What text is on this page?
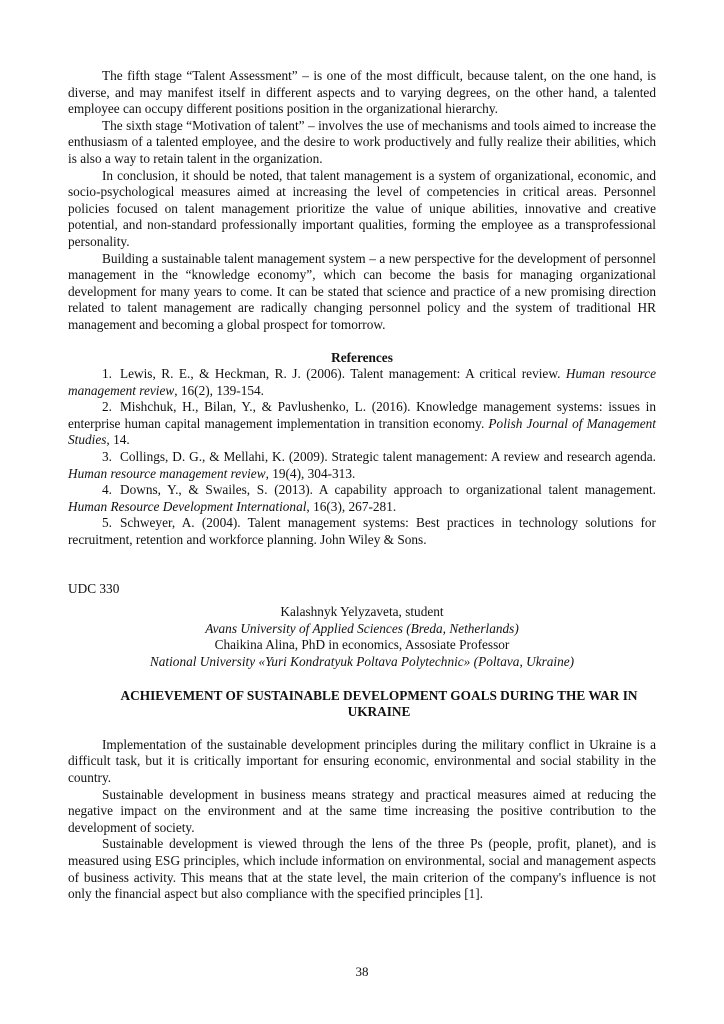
The fifth stage “Talent Assessment” – is one of the most difficult, because talent, on the one hand, is diverse, and may manifest itself in different aspects and to varying degrees, on the other hand, a talented employee can occupy different positions position in the organizational hierarchy.

The sixth stage “Motivation of talent” – involves the use of mechanisms and tools aimed to increase the enthusiasm of a talented employee, and the desire to work productively and fully realize their abilities, which is also a way to retain talent in the organization.

In conclusion, it should be noted, that talent management is a system of organizational, economic, and socio-psychological measures aimed at increasing the level of competencies in critical areas. Personnel policies focused on talent management prioritize the value of unique abilities, innovative and creative potential, and non-standard professionally important qualities, forming the employee as a transprofessional personality.

Building a sustainable talent management system – a new perspective for the development of personnel management in the “knowledge economy”, which can become the basis for managing organizational development for many years to come. It can be stated that science and practice of a new promising direction related to talent management are radically changing personnel policy and the system of traditional HR management and becoming a global prospect for tomorrow.

References

1. Lewis, R. E., & Heckman, R. J. (2006). Talent management: A critical review. Human resource management review, 16(2), 139-154.

2. Mishchuk, H., Bilan, Y., & Pavlushenko, L. (2016). Knowledge management systems: issues in enterprise human capital management implementation in transition economy. Polish Journal of Management Studies, 14.

3. Collings, D. G., & Mellahi, K. (2009). Strategic talent management: A review and research agenda. Human resource management review, 19(4), 304-313.

4. Downs, Y., & Swailes, S. (2013). A capability approach to organizational talent management. Human Resource Development International, 16(3), 267-281.

5. Schweyer, A. (2004). Talent management systems: Best practices in technology solutions for recruitment, retention and workforce planning. John Wiley & Sons.

UDC 330

Kalashnyk Yelyzaveta, student

Avans University of Applied Sciences (Breda, Netherlands)

Chaikina Alina, PhD in economics, Assosiate Professor

National University «Yuri Kondratyuk Poltava Polytechnic» (Poltava, Ukraine)

ACHIEVEMENT OF SUSTAINABLE DEVELOPMENT GOALS DURING THE WAR IN UKRAINE

Implementation of the sustainable development principles during the military conflict in Ukraine is a difficult task, but it is critically important for ensuring economic, environmental and social stability in the country.

Sustainable development in business means strategy and practical measures aimed at reducing the negative impact on the environment and at the same time increasing the positive contribution to the development of society.

Sustainable development is viewed through the lens of the three Ps (people, profit, planet), and is measured using ESG principles, which include information on environmental, social and management aspects of business activity. This means that at the state level, the main criterion of the company's influence is not only the financial aspect but also compliance with the specified principles [1].

38
